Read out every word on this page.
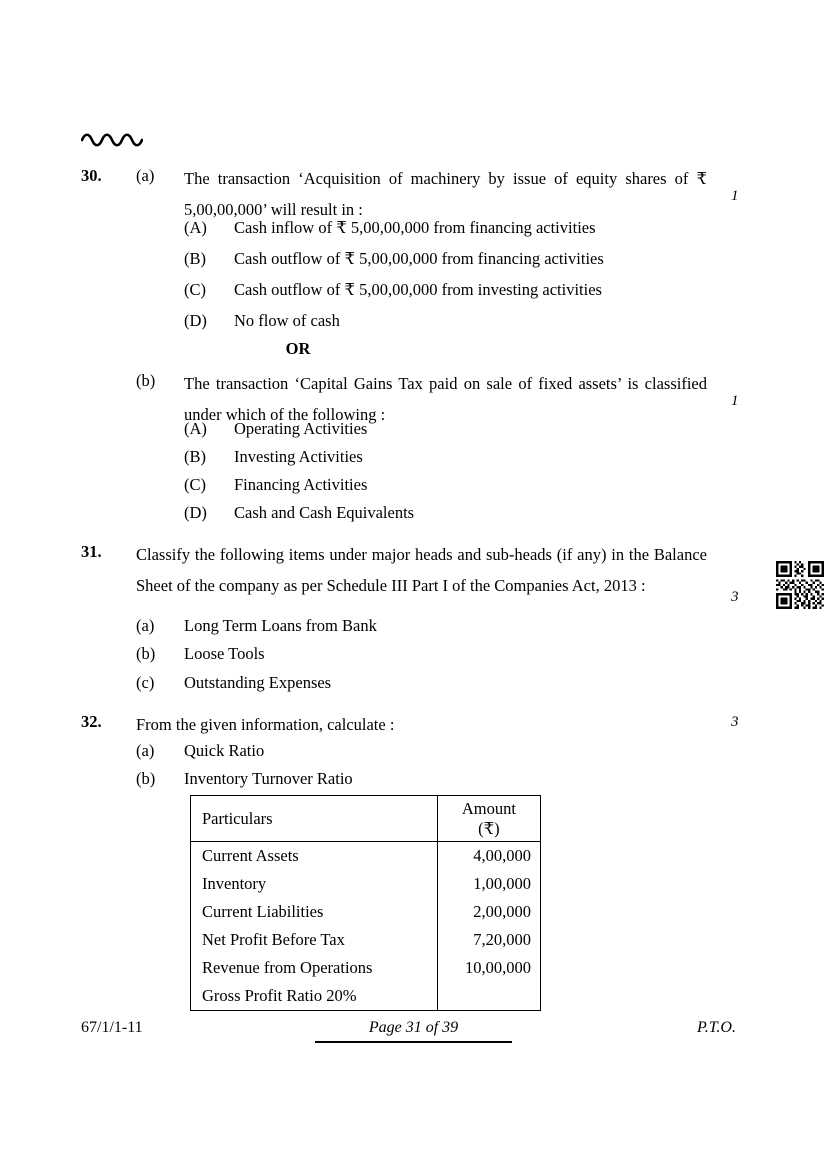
30. (a) The transaction ‘Acquisition of machinery by issue of equity shares of ₹ 5,00,00,000’ will result in :
1
(A) Cash inflow of ₹ 5,00,00,000 from financing activities
(B) Cash outflow of ₹ 5,00,00,000 from financing activities
(C) Cash outflow of ₹ 5,00,00,000 from investing activities
(D) No flow of cash
OR
(b) The transaction ‘Capital Gains Tax paid on sale of fixed assets’ is classified under which of the following :
1
(A) Operating Activities
(B) Investing Activities
(C) Financing Activities
(D) Cash and Cash Equivalents
31. Classify the following items under major heads and sub-heads (if any) in the Balance Sheet of the company as per Schedule III Part I of the Companies Act, 2013 :
3
(a) Long Term Loans from Bank
(b) Loose Tools
(c) Outstanding Expenses
32. From the given information, calculate :	3
(a) Quick Ratio
(b) Inventory Turnover Ratio
Particulars	Amount
(₹)

Current Assets	4,00,000
Inventory	1,00,000
Current Liabilities	2,00,000
Net Profit Before Tax	7,20,000
Revenue from Operations	10,00,000
Gross Profit Ratio 20%	
67/1/1-11	Page 31 of 39	P.T.O.
